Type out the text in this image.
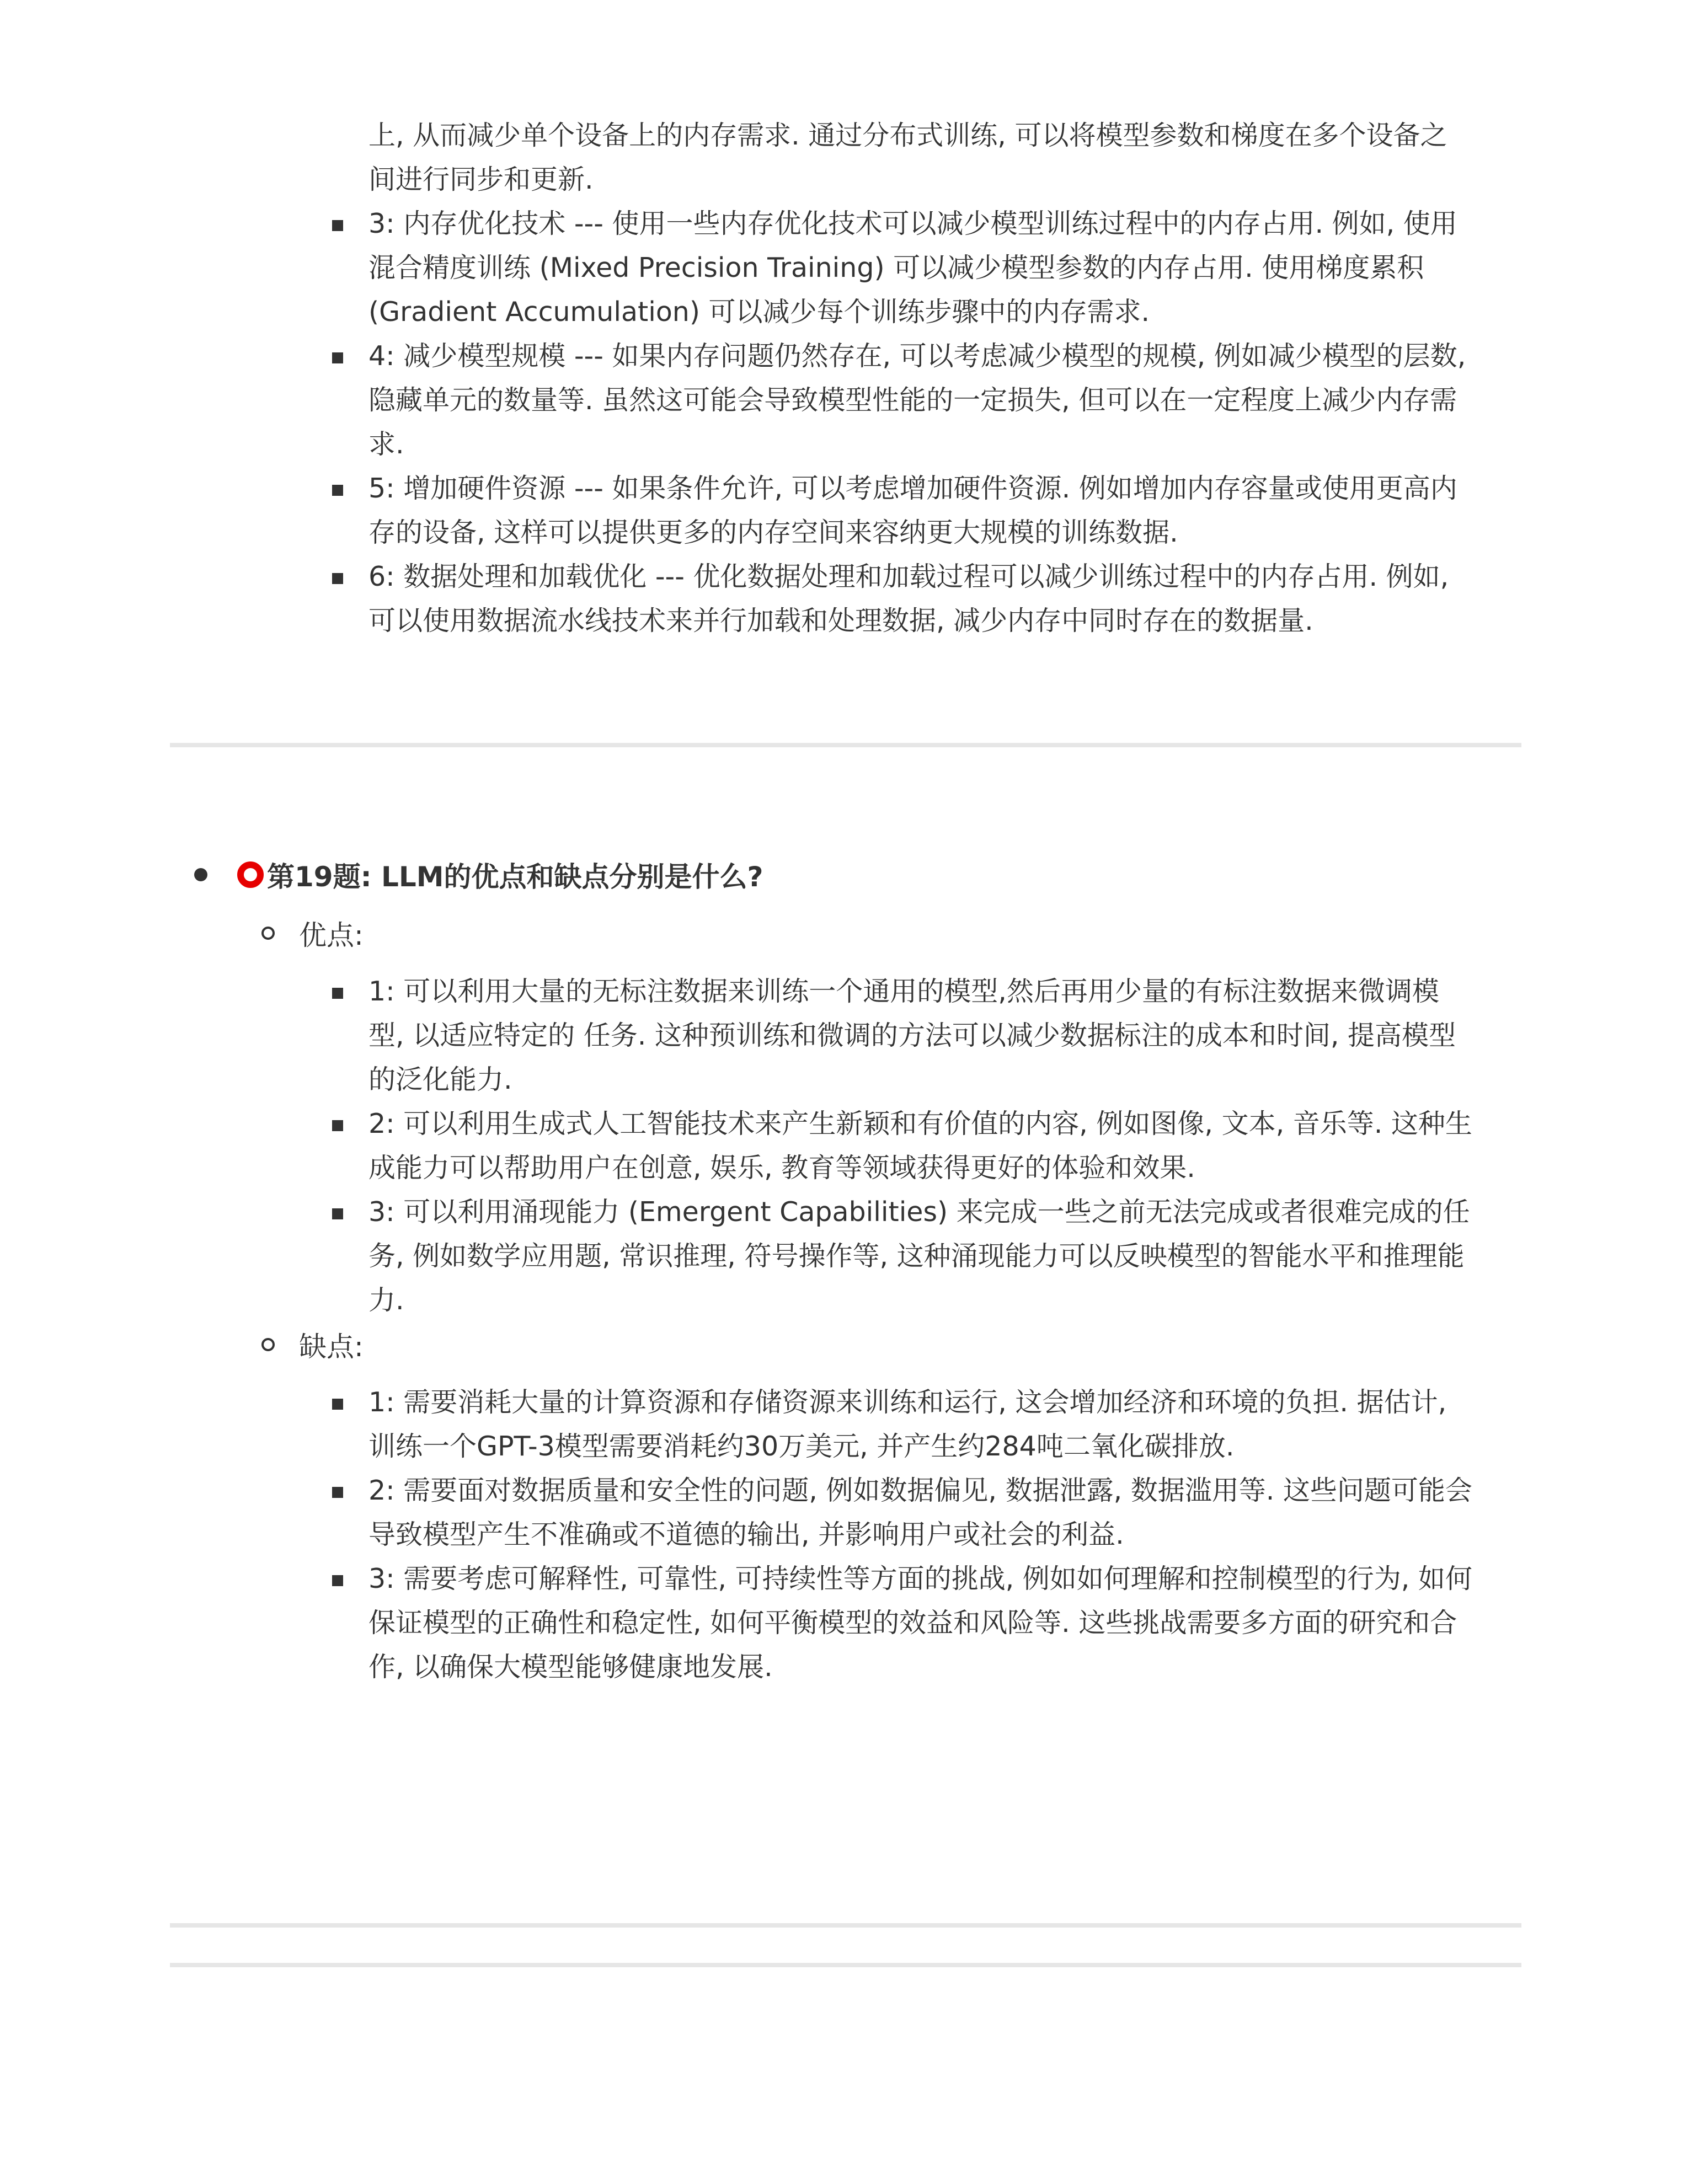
上, 从而减少单个设备上的内存需求. 通过分布式训练, 可以将模型参数和梯度在多个设备之
间进行同步和更新.
3: 内存优化技术 --- 使用一些内存优化技术可以减少模型训练过程中的内存占用. 例如, 使用
混合精度训练 (Mixed Precision Training) 可以减少模型参数的内存占用. 使用梯度累积
(Gradient Accumulation) 可以减少每个训练步骤中的内存需求.
4: 减少模型规模 --- 如果内存问题仍然存在, 可以考虑减少模型的规模, 例如减少模型的层数,
隐藏单元的数量等. 虽然这可能会导致模型性能的一定损失, 但可以在一定程度上减少内存需
求.
5: 增加硬件资源 --- 如果条件允许, 可以考虑增加硬件资源. 例如增加内存容量或使用更高内
存的设备, 这样可以提供更多的内存空间来容纳更大规模的训练数据.
6: 数据处理和加载优化 --- 优化数据处理和加载过程可以减少训练过程中的内存占用. 例如,
可以使用数据流水线技术来并行加载和处理数据, 减少内存中同时存在的数据量.
第19题: LLM的优点和缺点分别是什么?
优点:
1: 可以利用大量的无标注数据来训练一个通用的模型,然后再用少量的有标注数据来微调模
型, 以适应特定的 任务. 这种预训练和微调的方法可以减少数据标注的成本和时间, 提高模型
的泛化能力.
2: 可以利用生成式人工智能技术来产生新颖和有价值的内容, 例如图像, 文本, 音乐等. 这种生
成能力可以帮助用户在创意, 娱乐, 教育等领域获得更好的体验和效果.
3: 可以利用涌现能力 (Emergent Capabilities) 来完成一些之前无法完成或者很难完成的任
务, 例如数学应用题, 常识推理, 符号操作等, 这种涌现能力可以反映模型的智能水平和推理能
力.
缺点:
1: 需要消耗大量的计算资源和存储资源来训练和运行, 这会增加经济和环境的负担. 据估计,
训练一个GPT-3模型需要消耗约30万美元, 并产生约284吨二氧化碳排放.
2: 需要面对数据质量和安全性的问题, 例如数据偏见, 数据泄露, 数据滥用等. 这些问题可能会
导致模型产生不准确或不道德的输出, 并影响用户或社会的利益.
3: 需要考虑可解释性, 可靠性, 可持续性等方面的挑战, 例如如何理解和控制模型的行为, 如何
保证模型的正确性和稳定性, 如何平衡模型的效益和风险等. 这些挑战需要多方面的研究和合
作, 以确保大模型能够健康地发展.
